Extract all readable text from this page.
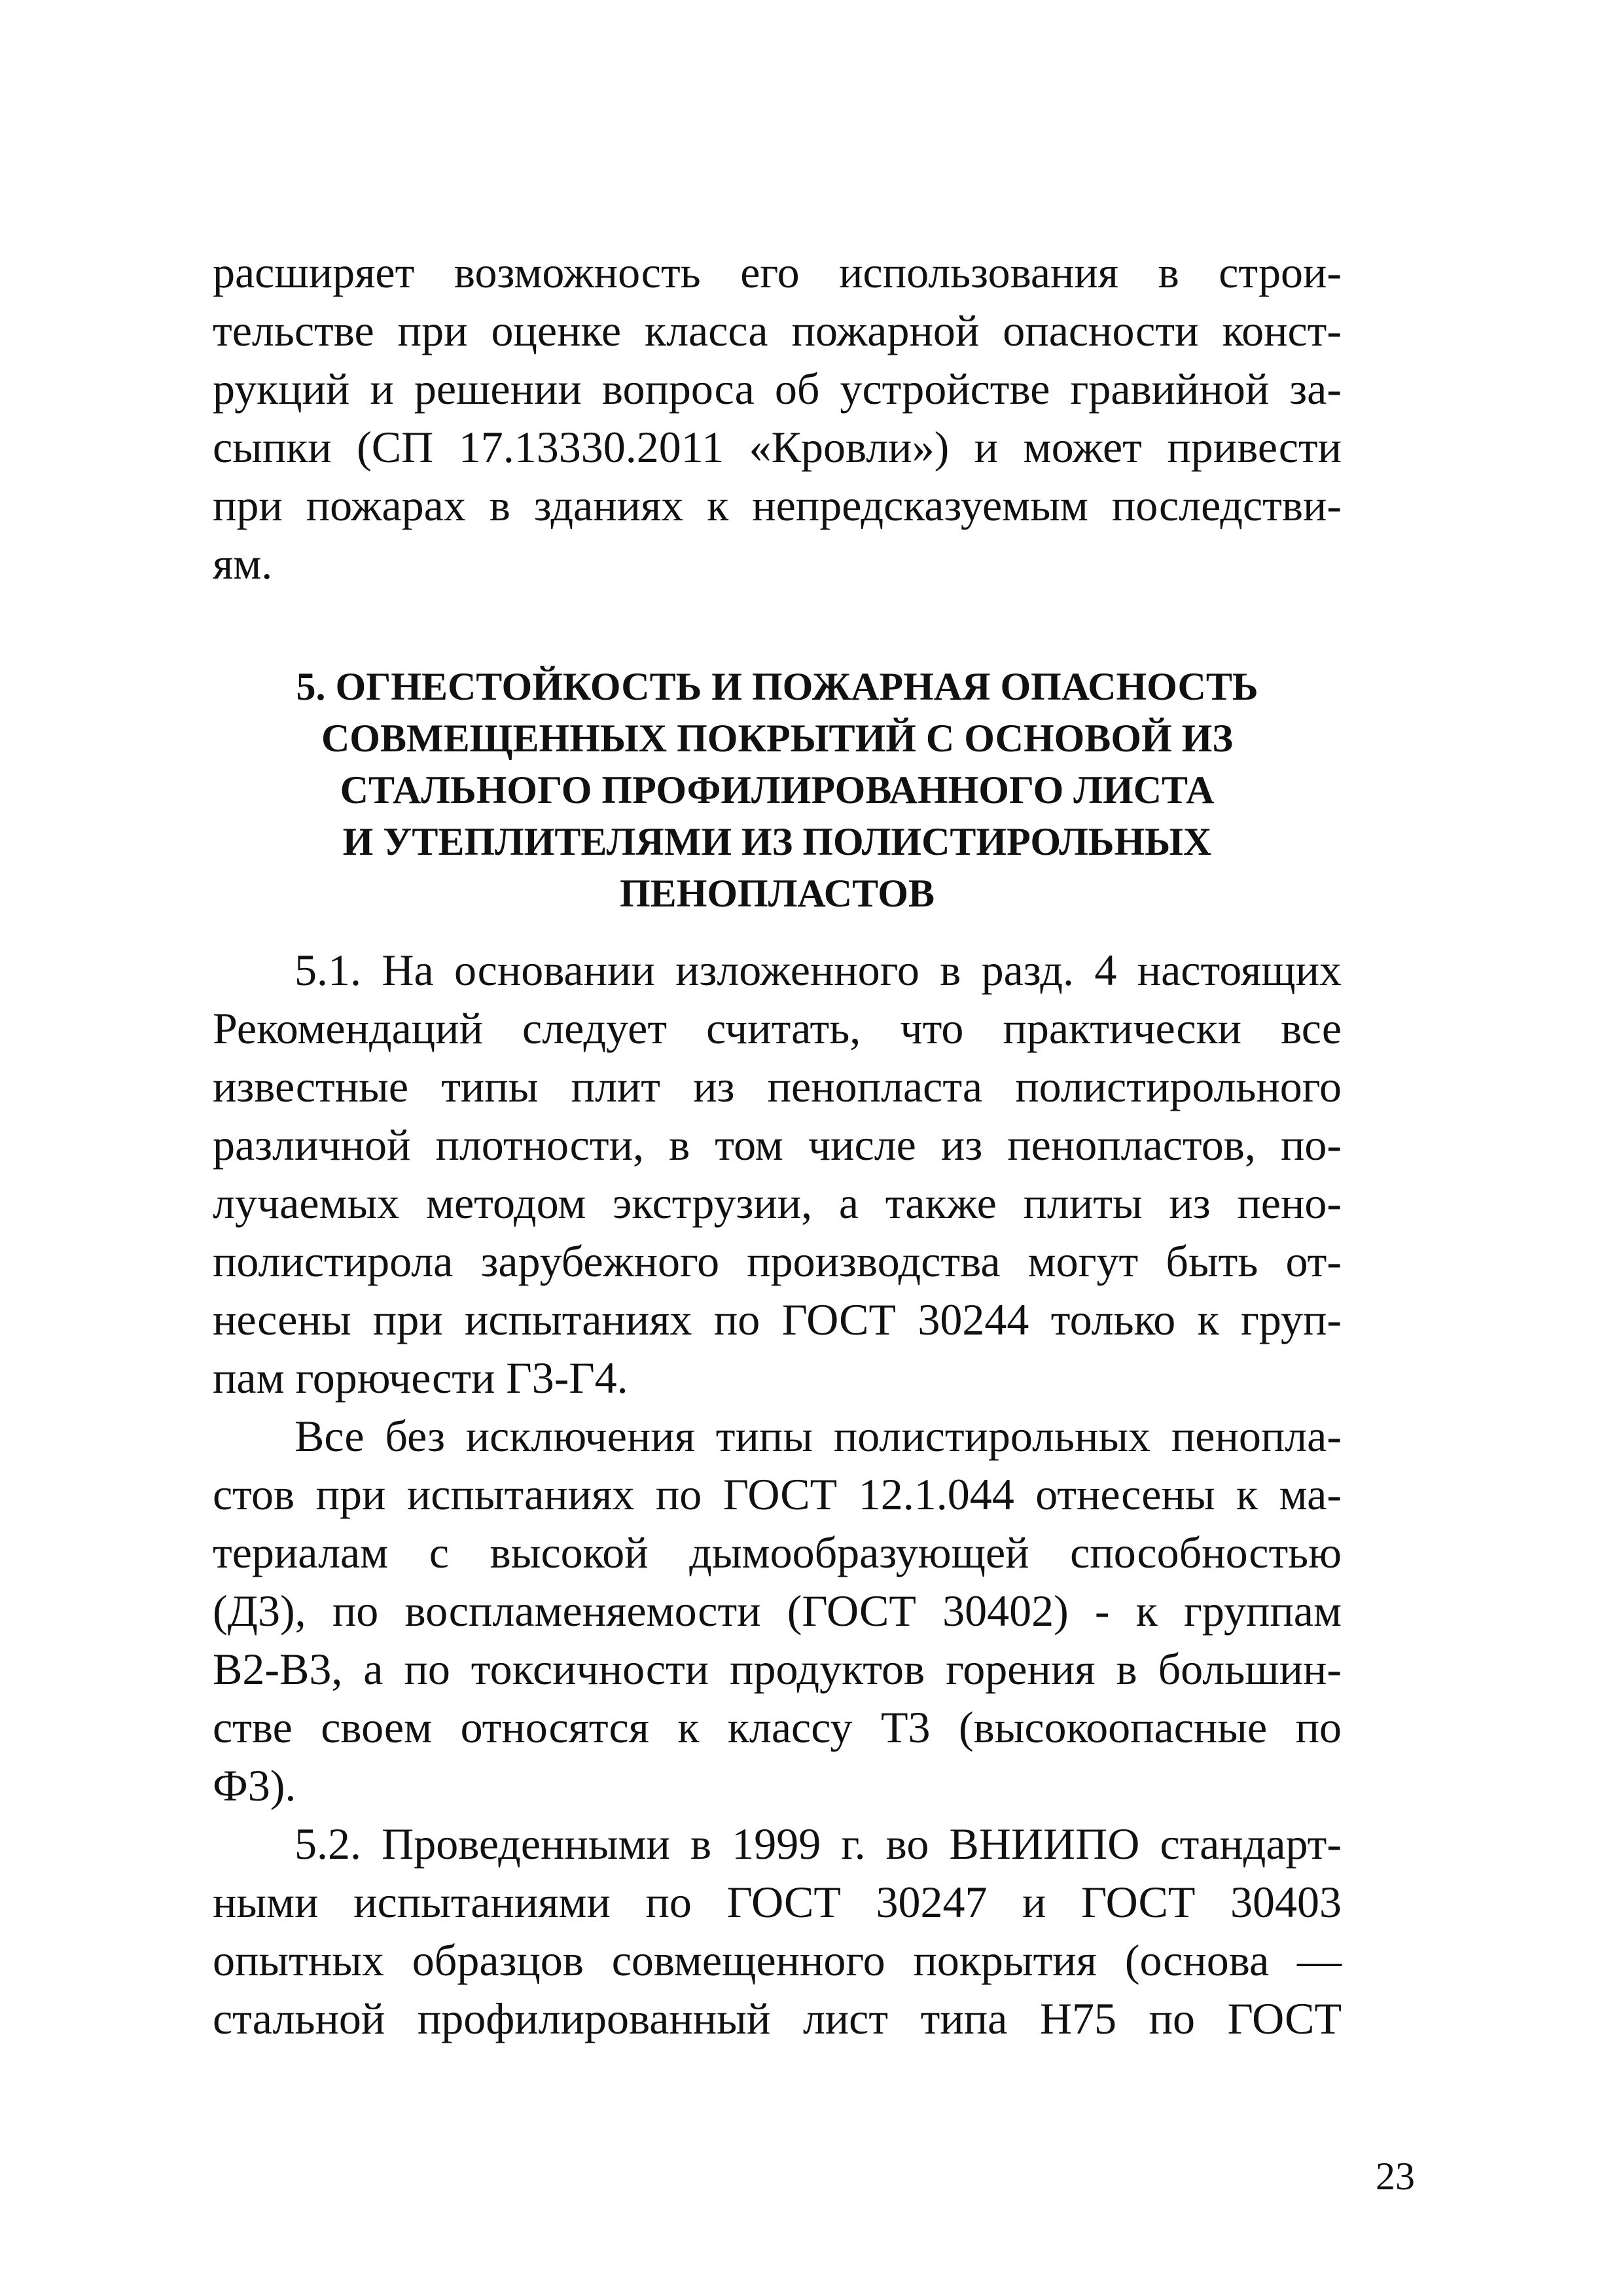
расширяет возможность его использования в строи-
тельстве при оценке класса пожарной опасности конст-
рукций и решении вопроса об устройстве гравийной за-
сыпки (СП 17.13330.2011 «Кровли») и может привести
при пожарах в зданиях к непредсказуемым последстви-
ям.
5. ОГНЕСТОЙКОСТЬ И ПОЖАРНАЯ ОПАСНОСТЬ
СОВМЕЩЕННЫХ ПОКРЫТИЙ С ОСНОВОЙ ИЗ
СТАЛЬНОГО ПРОФИЛИРОВАННОГО ЛИСТА
И УТЕПЛИТЕЛЯМИ ИЗ ПОЛИСТИРОЛЬНЫХ
ПЕНОПЛАСТОВ
5.1. На основании изложенного в разд. 4 настоящих
Рекомендаций следует считать, что практически все
известные типы плит из пенопласта полистирольного
различной плотности, в том числе из пенопластов, по-
лучаемых методом экструзии, а также плиты из пено-
полистирола зарубежного производства могут быть от-
несены при испытаниях по ГОСТ 30244 только к груп-
пам горючести Г3-Г4.
Все без исключения типы полистирольных пенопла-
стов при испытаниях по ГОСТ 12.1.044 отнесены к ма-
териалам с высокой дымообразующей способностью
(Д3), по воспламеняемости (ГОСТ 30402) - к группам
В2-В3, а по токсичности продуктов горения в большин-
стве своем относятся к классу Т3 (высокоопасные по
Ф3).
5.2. Проведенными в 1999 г. во ВНИИПО стандарт-
ными испытаниями по ГОСТ 30247 и ГОСТ 30403
опытных образцов совмещенного покрытия (основа —
стальной профилированный лист типа Н75 по ГОСТ
23
